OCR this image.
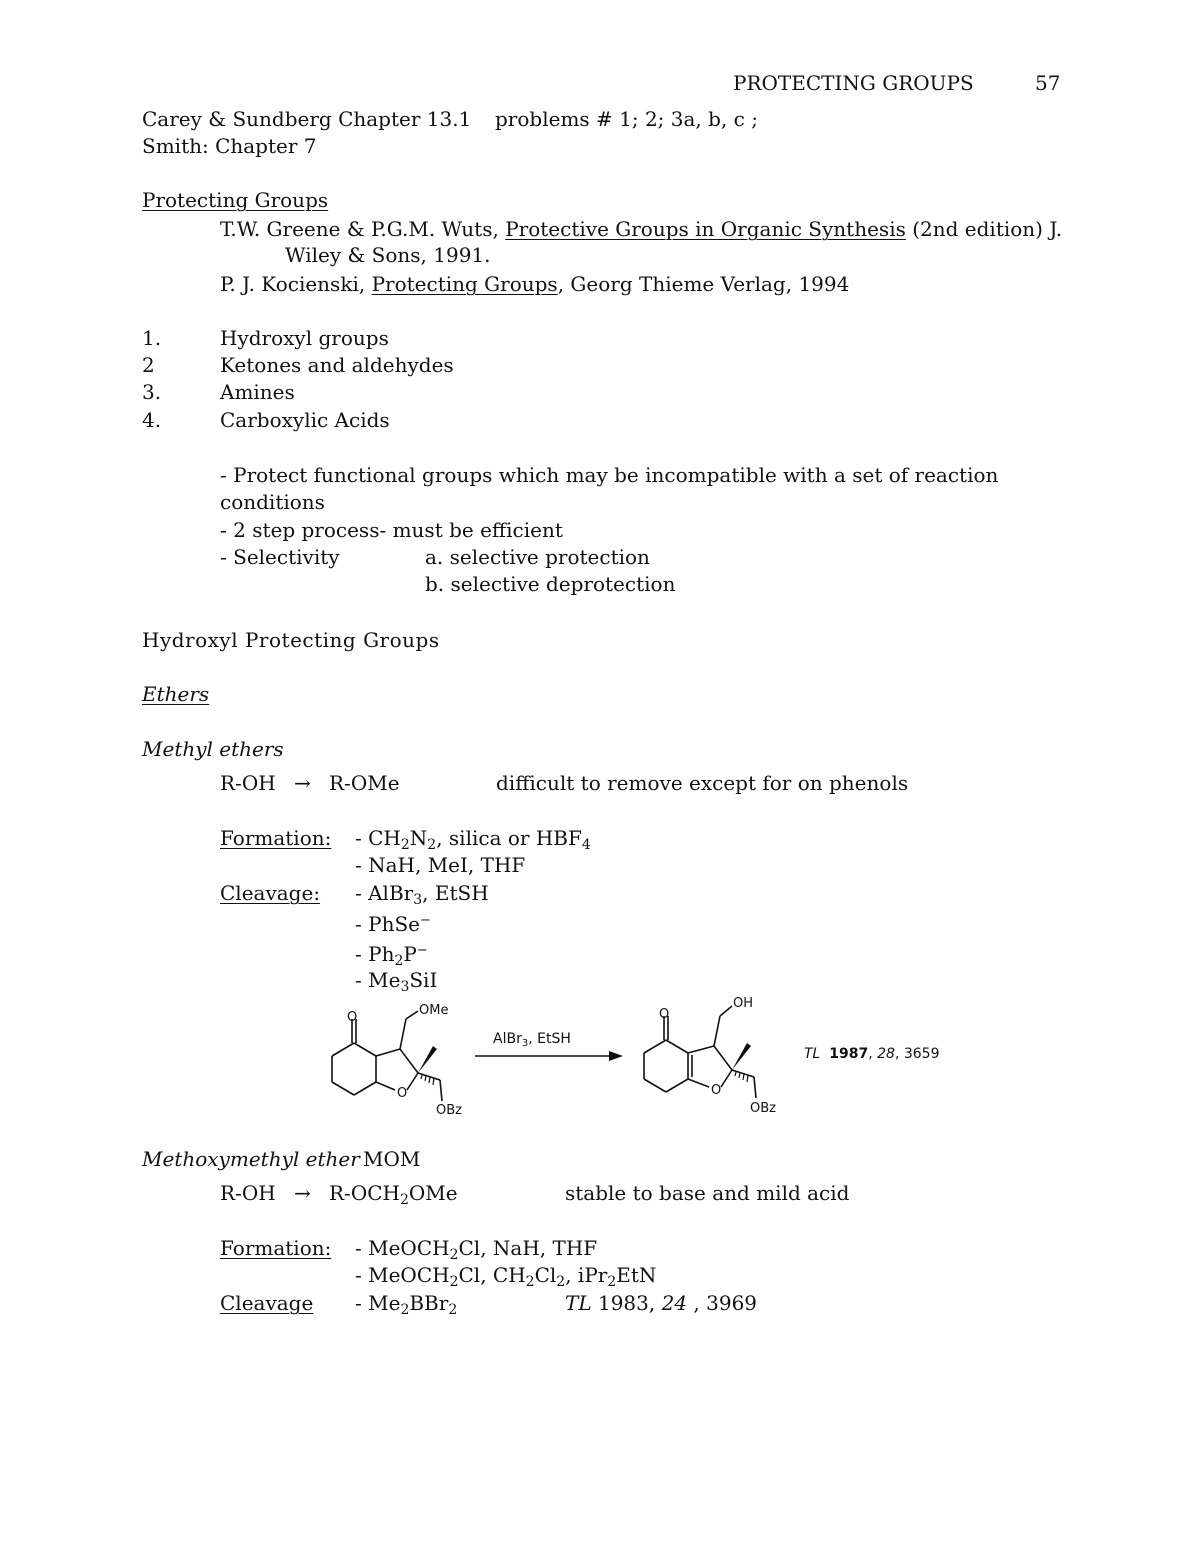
PROTECTING GROUPS	57
Carey & Sundberg Chapter 13.1 problems # 1; 2; 3a, b, c ;
Smith: Chapter 7
Protecting Groups
T.W. Greene & P.G.M. Wuts, Protective Groups in Organic Synthesis (2nd edition) J.
Wiley & Sons, 1991.
P. J. Kocienski, Protecting Groups, Georg Thieme Verlag, 1994
1.	Hydroxyl groups
2	Ketones and aldehydes
3.	Amines
4.	Carboxylic Acids
- Protect functional groups which may be incompatible with a set of reaction
conditions
- 2 step process- must be efficient
- Selectivity	a. selective protection
b. selective deprotection
Hydroxyl Protecting Groups
Ethers
Methyl ethers
R-OH → R-OMe	difficult to remove except for on phenols
Formation: - $CH_2N_2$, silica or $HBF_4$
- NaH, MeI, THF
Cleavage: - AlBr$_3$, EtSH
- PhSe−
- $Ph_2P^-$
- $Me_3SiI$
O	OMe
O
OBz
AlBr$_3$, EtSH
O
OH
O
OBz
TL 1987, 28, 3659
Methoxymethyl ether MOM
$R-OH \to R-OCH_2OMe$	stable to base and mild acid
Formation: - MeOCH$_2$Cl, NaH, THF
- MeOCH$_2$Cl, $CH_2Cl_2$, iPr$_2$EtN
Cleavage - $Me_2BBr_2$	TL 1983, 24 , 3969
